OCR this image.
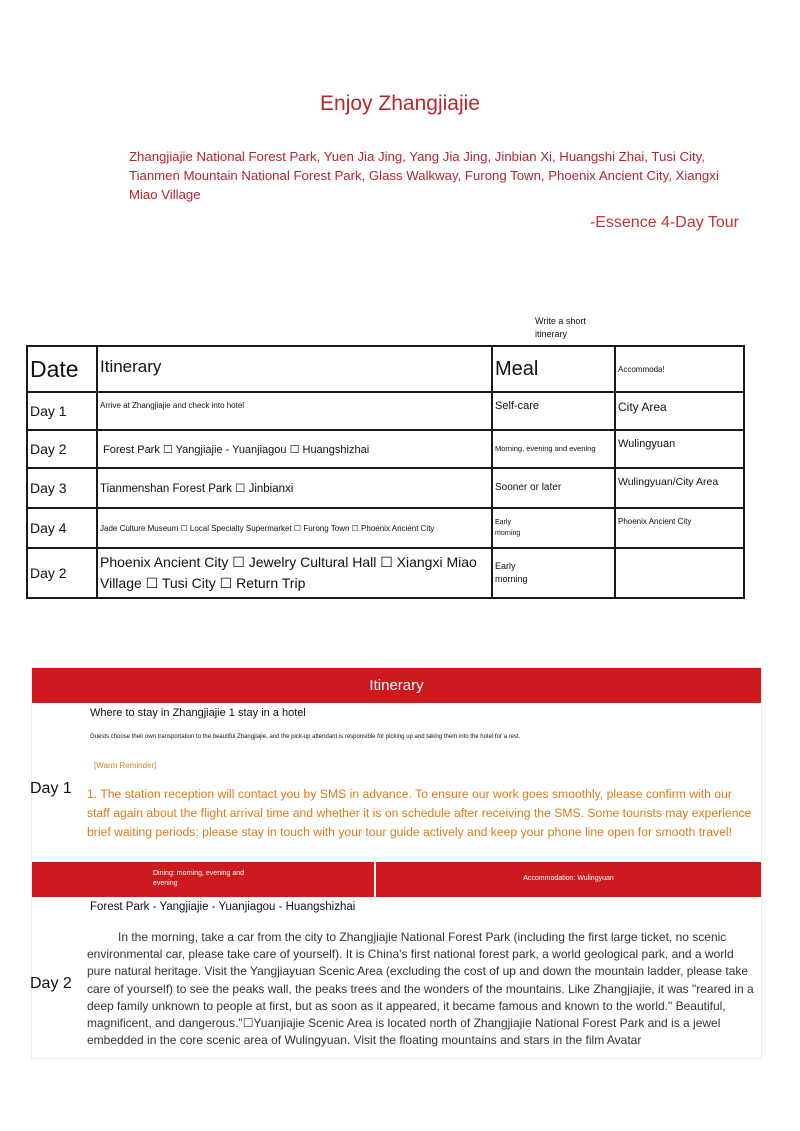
Enjoy Zhangjiajie
Zhangjiajie National Forest Park, Yuen Jia Jing, Yang Jia Jing, Jinbian Xi, Huangshi Zhai, Tusi City, Tianmen Mountain National Forest Park, Glass Walkway, Furong Town, Phoenix Ancient City, Xiangxi Miao Village
-Essence 4-Day Tour
Write a short itinerary
Date	Itinerary	Meal	Accommoda!
Day 1	Arrive at Zhangjiajie and check into hotel	Self-care	City Area
Day 2	Forest Park ☐ Yangjiajie - Yuanjiagou ☐ Huangshizhai	Morning, evening and evening	Wulingyuan
Day 3	Tianmenshan Forest Park ☐ Jinbianxi	Sooner or later	Wulingyuan/City Area
Day 4	Jade Culture Museum ☐ Local Specialty Supermarket ☐ Furong Town ☐ Phoenix Ancient City	Early morning	Phoenix Ancient City
Day 2	Phoenix Ancient City ☐ Jewelry Cultural Hall ☐ Xiangxi Miao Village ☐ Tusi City ☐ Return Trip	Early morning	
Itinerary
Where to stay in Zhangjiajie 1 stay in a hotel
Guests choose their own transportation to the beautiful Zhangjiajie, and the pick-up attendant is responsible for picking up and taking them into the hotel for a rest.
[Warm Reminder]
Day 1 1. The station reception will contact you by SMS in advance. To ensure our work goes smoothly, please confirm with our staff again about the flight arrival time and whether it is on schedule after receiving the SMS. Some tourists may experience brief waiting periods; please stay in touch with your tour guide actively and keep your phone line open for smooth travel!
Dining: morning, evening and evening
Accommodation: Wulingyuan
Forest Park - Yangjiajie - Yuanjiagou - Huangshizhai
Day 2
In the morning, take a car from the city to Zhangjiajie National Forest Park (including the first large ticket, no scenic environmental car, please take care of yourself). It is China's first national forest park, a world geological park, and a world pure natural heritage. Visit the Yangjiayuan Scenic Area (excluding the cost of up and down the mountain ladder, please take care of yourself) to see the peaks wall, the peaks trees and the wonders of the mountains. Like Zhangjiajie, it was "reared in a deep family unknown to people at first, but as soon as it appeared, it became famous and known to the world." Beautiful, magnificent, and dangerous."☐Yuanjiajie Scenic Area is located north of Zhangjiajie National Forest Park and is a jewel embedded in the core scenic area of Wulingyuan. Visit the floating mountains and stars in the film Avatar
